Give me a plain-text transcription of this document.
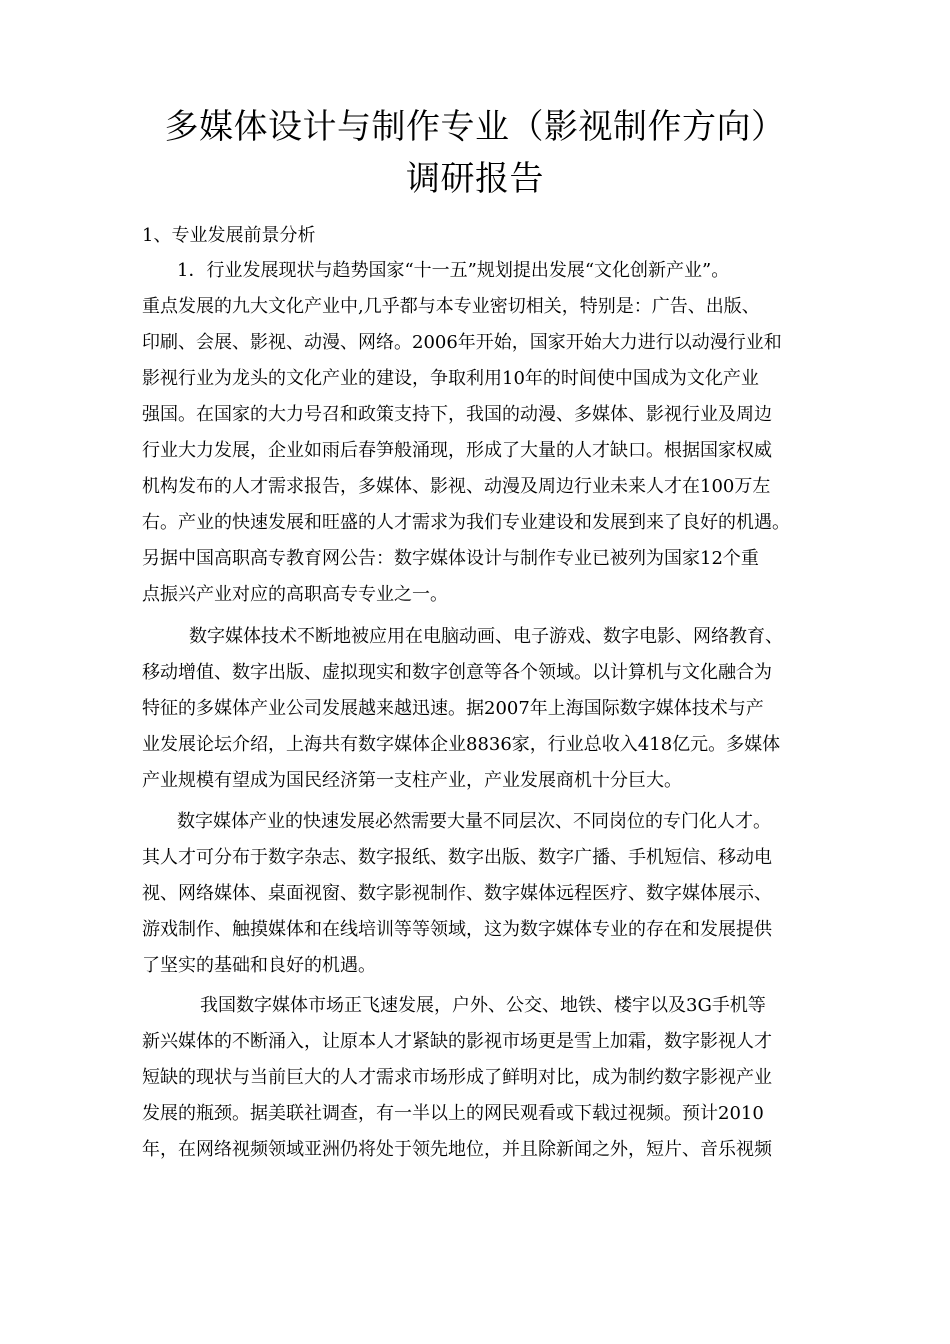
多媒体设计与制作专业（影视制作方向）
调研报告
1、专业发展前景分析
1．行业发展现状与趋势国家“十一五”规划提出发展“文化创新产业”。
重点发展的九大文化产业中,几乎都与本专业密切相关，特别是：广告、出版、
印刷、会展、影视、动漫、网络。2006年开始，国家开始大力进行以动漫行业和
影视行业为龙头的文化产业的建设，争取利用10年的时间使中国成为文化产业
强国。在国家的大力号召和政策支持下，我国的动漫、多媒体、影视行业及周边
行业大力发展，企业如雨后春笋般涌现，形成了大量的人才缺口。根据国家权威
机构发布的人才需求报告，多媒体、影视、动漫及周边行业未来人才在100万左
右。产业的快速发展和旺盛的人才需求为我们专业建设和发展到来了良好的机遇。
另据中国高职高专教育网公告：数字媒体设计与制作专业已被列为国家12个重
点振兴产业对应的高职高专专业之一。
数字媒体技术不断地被应用在电脑动画、电子游戏、数字电影、网络教育、
移动增值、数字出版、虚拟现实和数字创意等各个领域。以计算机与文化融合为
特征的多媒体产业公司发展越来越迅速。据2007年上海国际数字媒体技术与产
业发展论坛介绍，上海共有数字媒体企业8836家，行业总收入418亿元。多媒体
产业规模有望成为国民经济第一支柱产业，产业发展商机十分巨大。
数字媒体产业的快速发展必然需要大量不同层次、不同岗位的专门化人才。
其人才可分布于数字杂志、数字报纸、数字出版、数字广播、手机短信、移动电
视、网络媒体、桌面视窗、数字影视制作、数字媒体远程医疗、数字媒体展示、
游戏制作、触摸媒体和在线培训等等领域，这为数字媒体专业的存在和发展提供
了坚实的基础和良好的机遇。
我国数字媒体市场正飞速发展，户外、公交、地铁、楼宇以及3G手机等
新兴媒体的不断涌入，让原本人才紧缺的影视市场更是雪上加霜，数字影视人才
短缺的现状与当前巨大的人才需求市场形成了鲜明对比，成为制约数字影视产业
发展的瓶颈。据美联社调查，有一半以上的网民观看或下载过视频。预计2010
年，在网络视频领域亚洲仍将处于领先地位，并且除新闻之外，短片、音乐视频
